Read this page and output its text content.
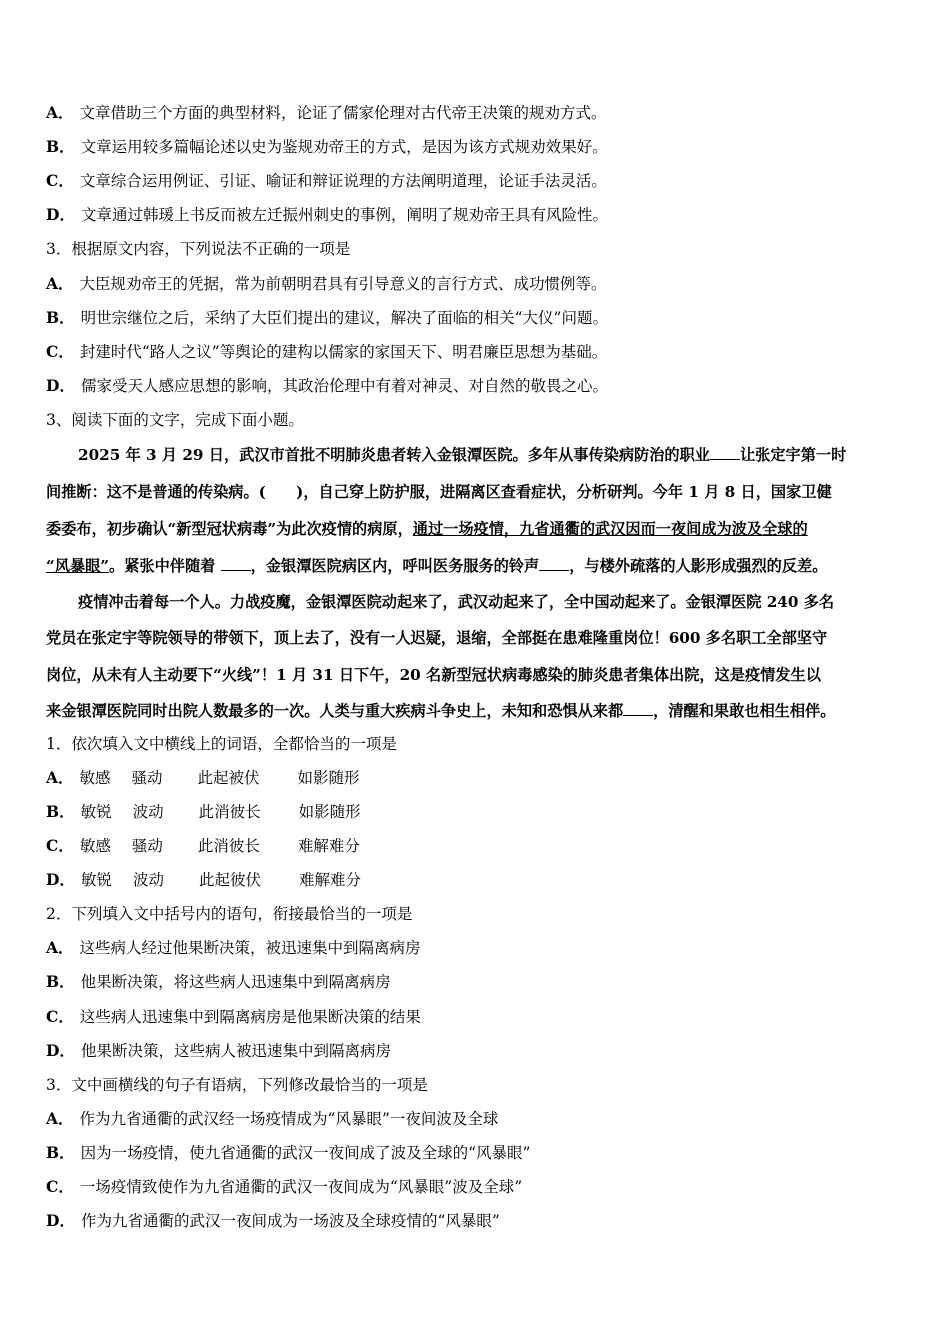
A． 文章借助三个方面的典型材料，论证了儒家伦理对古代帝王决策的规劝方式。
B． 文章运用较多篇幅论述以史为鉴规劝帝王的方式，是因为该方式规劝效果好。
C． 文章综合运用例证、引证、喻证和辩证说理的方法阐明道理，论证手法灵活。
D． 文章通过韩瑗上书反而被左迁振州刺史的事例，阐明了规劝帝王具有风险性。
3．根据原文内容，下列说法不正确的一项是
A． 大臣规劝帝王的凭据，常为前朝明君具有引导意义的言行方式、成功惯例等。
B． 明世宗继位之后，采纳了大臣们提出的建议，解决了面临的相关“大仪”问题。
C． 封建时代“路人之议”等舆论的建构以儒家的家国天下、明君廉臣思想为基础。
D． 儒家受天人感应思想的影响，其政治伦理中有着对神灵、对自然的敬畏之心。
3、阅读下面的文字，完成下面小题。
2025 年 3 月 29 日，武汉市首批不明肺炎患者转入金银潭医院。多年从事传染病防治的职业 让张定宇第一时
间推断：这不是普通的传染病。(　　)，自己穿上防护服，进隔离区查看症状，分析研判。今年 1 月 8 日，国家卫健
委委布，初步确认“新型冠状病毒”为此次疫情的病原，通过一场疫情，九省通衢的武汉因而一夜间成为波及全球的
“风暴眼”。紧张中伴随着 ，金银潭医院病区内，呼叫医务服务的铃声 ，与楼外疏落的人影形成强烈的反差。
疫情冲击着每一个人。力战疫魔，金银潭医院动起来了，武汉动起来了，全中国动起来了。金银潭医院 240 多名
党员在张定宇等院领导的带领下，顶上去了，没有一人迟疑，退缩，全部挺在患难隆重岗位！600 多名职工全部坚守
岗位，从未有人主动要下“火线”！1 月 31 日下午，20 名新型冠状病毒感染的肺炎患者集体出院，这是疫情发生以
来金银潭医院同时出院人数最多的一次。人类与重大疾病斗争史上，未知和恐惧从来都 ，清醒和果敢也相生相伴。
1．依次填入文中横线上的词语，全都恰当的一项是
A． 敏感 骚动 此起被伏 如影随形
B． 敏锐 波动 此消彼长 如影随形
C． 敏感 骚动 此消彼长 难解难分
D． 敏锐 波动 此起彼伏 难解难分
2．下列填入文中括号内的语句，衔接最恰当的一项是
A． 这些病人经过他果断决策，被迅速集中到隔离病房
B． 他果断决策，将这些病人迅速集中到隔离病房
C． 这些病人迅速集中到隔离病房是他果断决策的结果
D． 他果断决策，这些病人被迅速集中到隔离病房
3．文中画横线的句子有语病，下列修改最恰当的一项是
A． 作为九省通衢的武汉经一场疫情成为“风暴眼”一夜间波及全球
B． 因为一场疫情，使九省通衢的武汉一夜间成了波及全球的“风暴眼”
C． 一场疫情致使作为九省通衢的武汉一夜间成为“风暴眼”波及全球”
D． 作为九省通衢的武汉一夜间成为一场波及全球疫情的“风暴眼”
